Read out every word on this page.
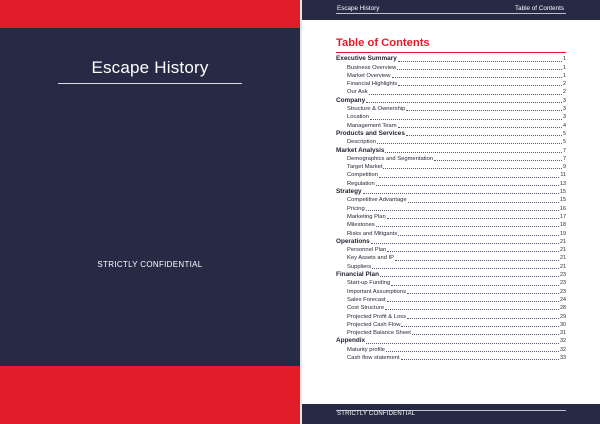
Escape History
STRICTLY CONFIDENTIAL
Escape History	Table of Contents
Table of Contents
Executive Summary	1
Business Overview	1
Market Overview	1
Financial Highlights	2
Our Ask	2
Company	3
Structure & Ownership	3
Location	3
Management Team	4
Products and Services	5
Description	5
Market Analysis	7
Demographics and Segmentation	7
Target Market	9
Competition	11
Regulation	13
Strategy	15
Competitive Advantage	15
Pricing	16
Marketing Plan	17
Milestones	18
Risks and Mitigants	19
Operations	21
Personnel Plan	21
Key Assets and IP	21
Suppliers	21
Financial Plan	23
Start-up Funding	23
Important Assumptions	23
Sales Forecast	24
Cost Structure	28
Projected Profit & Loss	29
Projected Cash Flow	30
Projected Balance Sheet	31
Appendix	32
Maturity profile	32
Cash flow statement	33
STRICTLY CONFIDENTIAL
